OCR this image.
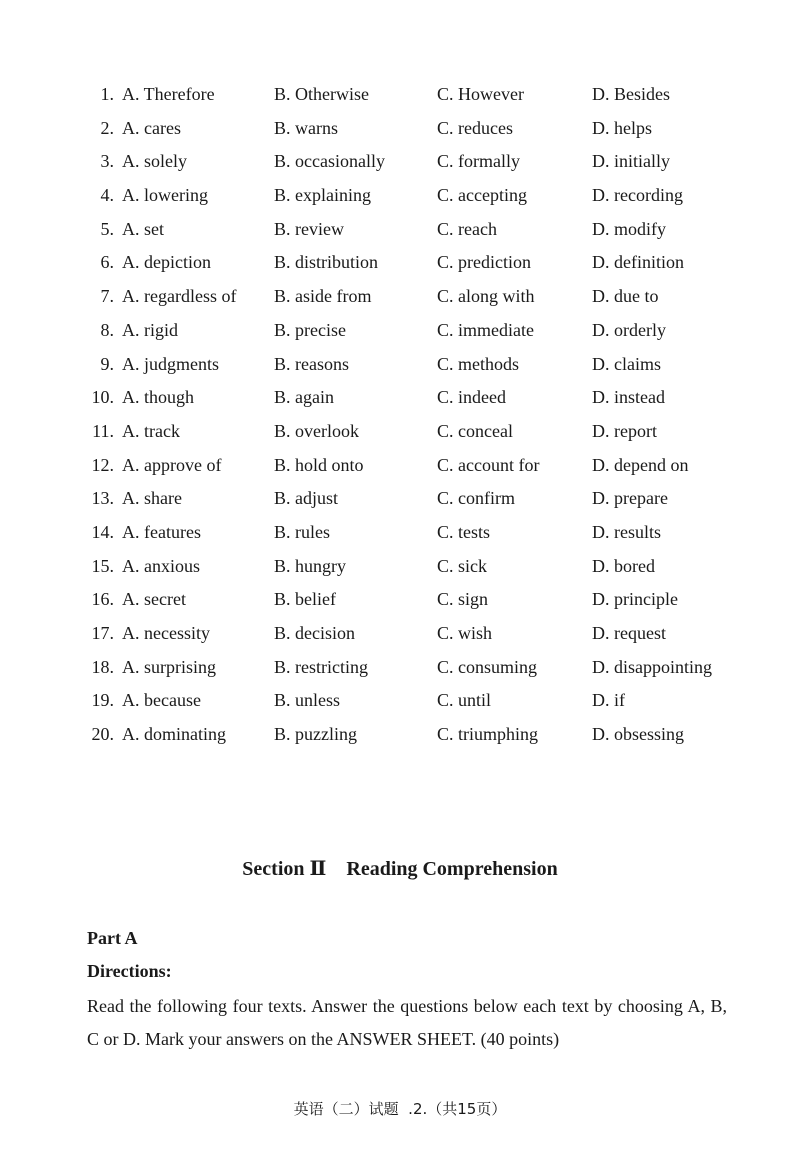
1. A. Therefore	B. Otherwise	C. However	D. Besides
2. A. cares	B. warns	C. reduces	D. helps
3. A. solely	B. occasionally	C. formally	D. initially
4. A. lowering	B. explaining	C. accepting	D. recording
5. A. set	B. review	C. reach	D. modify
6. A. depiction	B. distribution	C. prediction	D. definition
7. A. regardless of B. aside from	C. along with	D. due to
8. A. rigid	B. precise	C. immediate	D. orderly
9. A. judgments	B. reasons	C. methods	D. claims
10. A. though	B. again	C. indeed	D. instead
11. A. track	B. overlook	C. conceal	D. report
12. A. approve of	B. hold onto	C. account for	D. depend on
13. A. share	B. adjust	C. confirm	D. prepare
14. A. features	B. rules	C. tests	D. results
15. A. anxious	B. hungry	C. sick	D. bored
16. A. secret	B. belief	C. sign	D. principle
17. A. necessity	B. decision	C. wish	D. request
18. A. surprising	B. restricting	C. consuming	D. disappointing
19. A. because	B. unless	C. until	D. if
20. A. dominating	B. puzzling	C. triumphing	D. obsessing
Section Ⅱ    Reading Comprehension
Part A
Directions:
Read the following four texts. Answer the questions below each text by choosing A, B, C or D. Mark your answers on the ANSWER SHEET. (40 points)
英语（二）试题  .2.（共15页）
